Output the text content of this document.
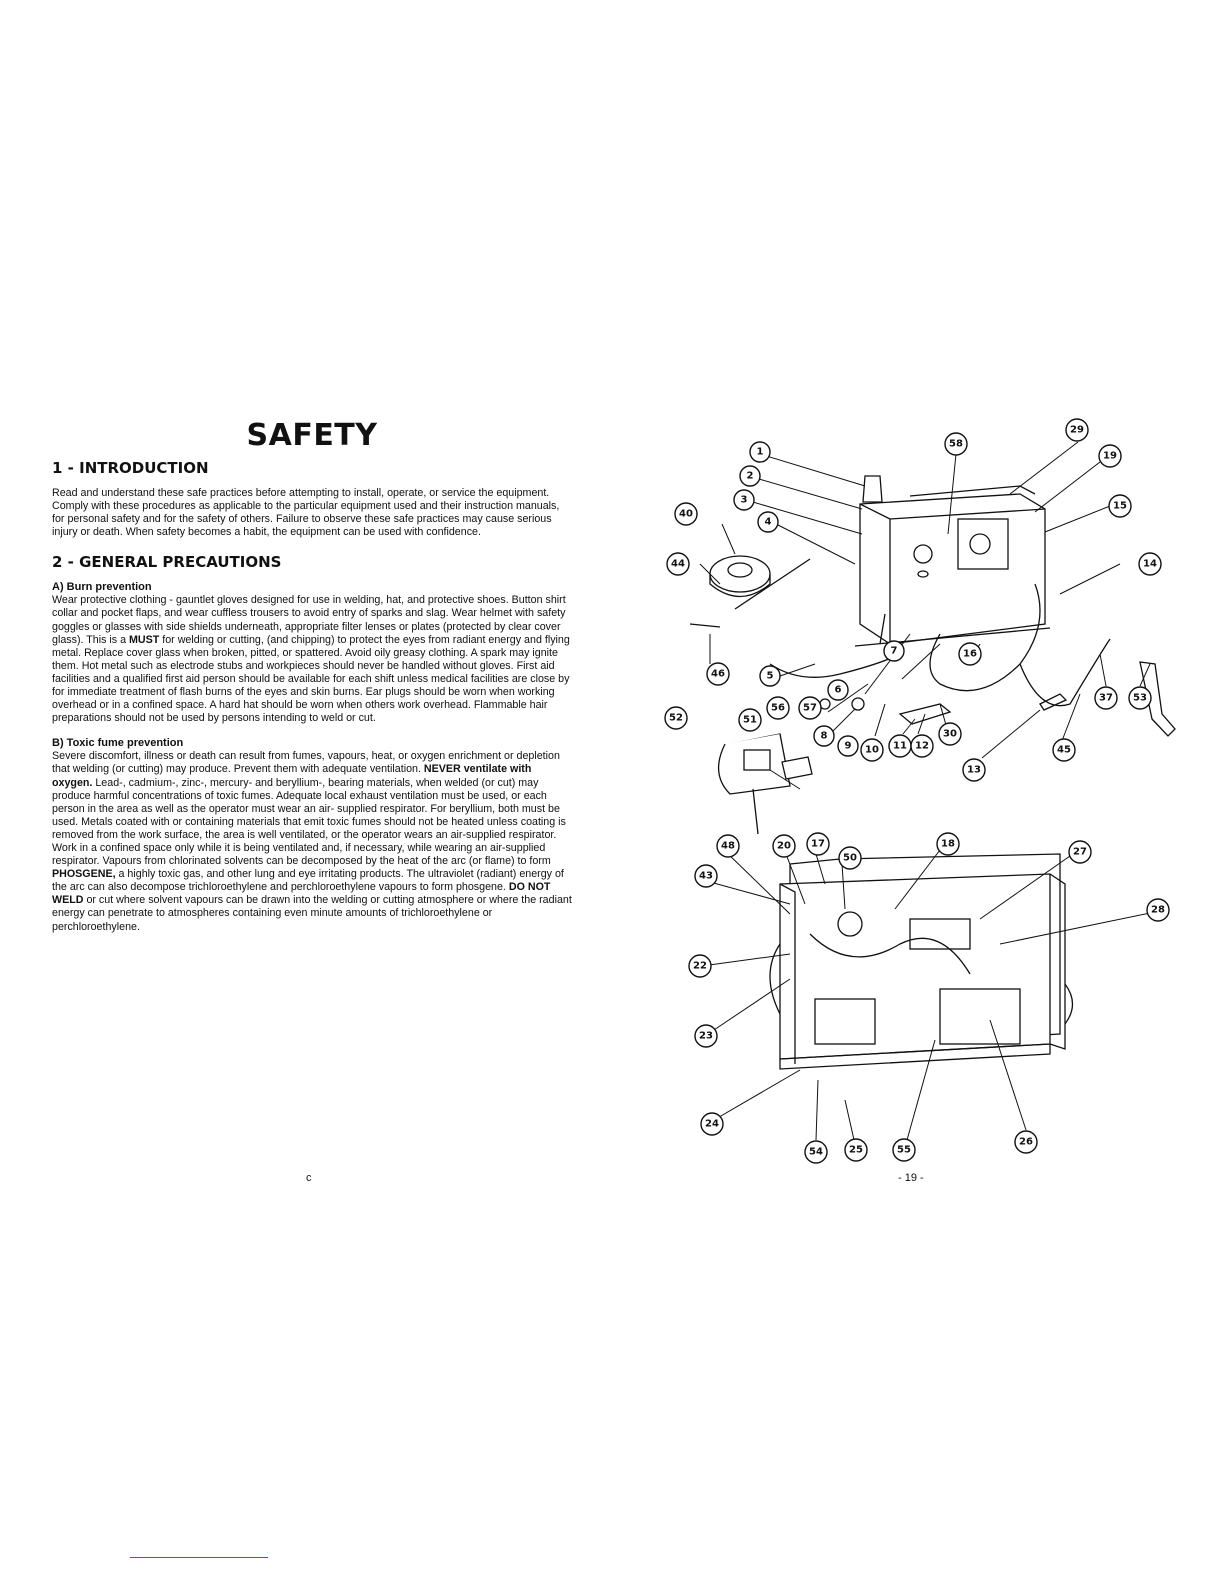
SAFETY
1 - INTRODUCTION

Read and understand these safe practices before attempting to install, operate, or service the equipment. Comply with these procedures as applicable to the particular equipment used and their instruction manuals, for personal safety and for the safety of others. Failure to observe these safe practices may cause serious injury or death. When safety becomes a habit, the equipment can be used with confidence.

2 - GENERAL PRECAUTIONS
A) Burn prevention

Wear protective clothing - gauntlet gloves designed for use in welding, hat, and protective shoes. Button shirt collar and pocket flaps, and wear cuffless trousers to avoid entry of sparks and slag. Wear helmet with safety goggles or glasses with side shields underneath, appropriate filter lenses or plates (protected by clear cover glass). This is a MUST for welding or cutting, (and chipping) to protect the eyes from radiant energy and flying metal. Replace cover glass when broken, pitted, or spattered. Avoid oily greasy clothing. A spark may ignite them. Hot metal such as electrode stubs and workpieces should never be handled without gloves. First aid facilities and a qualified first aid person should be available for each shift unless medical facilities are close by for immediate treatment of flash burns of the eyes and skin burns. Ear plugs should be worn when working overhead or in a confined space. A hard hat should be worn when others work overhead. Flammable hair preparations should not be used by persons intending to weld or cut.

B) Toxic fume prevention

Severe discomfort, illness or death can result from fumes, vapours, heat, or oxygen enrichment or depletion that welding (or cutting) may produce. Prevent them with adequate ventilation. NEVER ventilate with oxygen. Lead-, cadmium-, zinc-, mercury- and beryllium-, bearing materials, when welded (or cut) may produce harmful concentrations of toxic fumes. Adequate local exhaust ventilation must be used, or each person in the area as well as the operator must wear an air- supplied respirator. For beryllium, both must be used. Metals coated with or containing materials that emit toxic fumes should not be heated unless coating is removed from the work surface, the area is well ventilated, or the operator wears an air-supplied respirator. Work in a confined space only while it is being ventilated and, if necessary, while wearing an air-supplied respirator. Vapours from chlorinated solvents can be decomposed by the heat of the arc (or flame) to form PHOSGENE, a highly toxic gas, and other lung and eye irritating products. The ultraviolet (radiant) energy of the arc can also decompose trichloroethylene and perchloroethylene vapours to form phosgene. DO NOT WELD or cut where solvent vapours can be drawn into the welding or cutting atmosphere or where the radiant energy can penetrate to atmospheres containing even minute amounts of trichloroethylene or perchloroethylene.

c
1
2
3
4
40
44
46	5
56 57
6
7
8
9 10 11 12
13
30
16
58
29
19
15
14
37 53
45
52	51
48
43
20 17
50
18
27
28
22
23
24
54	25	55
26
- 19 -
